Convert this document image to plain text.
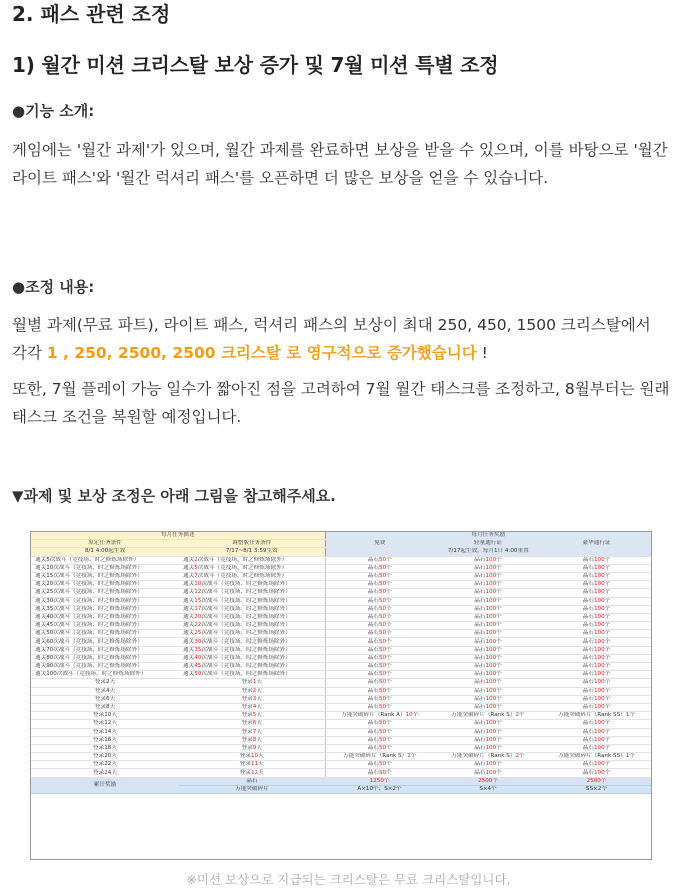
2. 패스 관련 조정
1) 월간 미션 크리스탈 보상 증가 및 7월 미션 특별 조정

●기능 소개:

게임에는 '월간 과제'가 있으며, 월간 과제를 완료하면 보상을 받을 수 있으며, 이를 바탕으로 '월간 라이트 패스'와 '월간 럭셔리 패스'를 오픈하면 더 많은 보상을 얻을 수 있습니다.

●조정 내용:

월별 과제(무료 파트), 라이트 패스, 럭셔리 패스의 보상이 최대 250, 450, 1500 크리스탈에서 각각 1 , 250, 2500, 2500 크리스탈 로 영구적으로 증가했습니다 !

또한, 7월 플레이 가능 일수가 짧아진 점을 고려하여 7월 월간 태스크를 조정하고, 8월부터는 원래 태스크 조건을 복원할 예정입니다.

▼과제 및 보상 조정은 아래 그림을 참고해주세요.

每月任务描述		每月任务奖励		
原定任务条件	调整版任务条件	免费	轻量通行证	豪华通行证
8/1 4:00起生效	7/17~8/1 3:59生效	7/17起生效，每月1日 4:00重置		
通关5次战斗（竞技场、时之修炼场除外）	通关2次战斗（竞技场、时之修炼场除外）	晶石50个	晶石100个	晶石100个
通关10次战斗（竞技场、时之修炼场除外）	通关5次战斗（竞技场、时之修炼场除外）	晶石50个	晶石100个	晶石100个
通关15次战斗（竞技场、时之修炼场除外）	通关7次战斗（竞技场、时之修炼场除外）	晶石50个	晶石100个	晶石100个
通关20次战斗（竞技场、时之修炼场除外）	通关10次战斗（竞技场、时之修炼场除外）	晶石50个	晶石100个	晶石100个
通关25次战斗（竞技场、时之修炼场除外）	通关12次战斗（竞技场、时之修炼场除外）	晶石50个	晶石100个	晶石100个
通关30次战斗（竞技场、时之修炼场除外）	通关15次战斗（竞技场、时之修炼场除外）	晶石50个	晶石100个	晶石100个
通关35次战斗（竞技场、时之修炼场除外）	通关17次战斗（竞技场、时之修炼场除外）	晶石50个	晶石100个	晶石100个
通关40次战斗（竞技场、时之修炼场除外）	通关20次战斗（竞技场、时之修炼场除外）	晶石50个	晶石100个	晶石100个
通关45次战斗（竞技场、时之修炼场除外）	通关22次战斗（竞技场、时之修炼场除外）	晶石50个	晶石100个	晶石100个
通关50次战斗（竞技场、时之修炼场除外）	通关25次战斗（竞技场、时之修炼场除外）	晶石50个	晶石100个	晶石100个
通关60次战斗（竞技场、时之修炼场除外）	通关30次战斗（竞技场、时之修炼场除外）	晶石50个	晶石100个	晶石100个
通关70次战斗（竞技场、时之修炼场除外）	通关35次战斗（竞技场、时之修炼场除外）	晶石50个	晶石100个	晶石100个
通关80次战斗（竞技场、时之修炼场除外）	通关40次战斗（竞技场、时之修炼场除外）	晶石50个	晶石100个	晶石100个
通关90次战斗（竞技场、时之修炼场除外）	通关45次战斗（竞技场、时之修炼场除外）	晶石50个	晶石100个	晶石100个
通关100次战斗（竞技场、时之修炼场除外）	通关50次战斗（竞技场、时之修炼场除外）	晶石50个	晶石100个	晶石100个
登录2天	登录1天	晶石50个	晶石100个	晶石100个
登录4天	登录2天	晶石50个	晶石100个	晶石100个
登录6天	登录3天	晶石50个	晶石100个	晶石100个
登录8天	登录4天	晶石50个	晶石100个	晶石100个
登录10天	登录5天	万能突破碎片（Rank A）10个	万能突破碎片（Rank S）2个	万能突破碎片（Rank SS）1个
登录12天	登录6天	晶石50个	晶石100个	晶石100个
登录14天	登录7天	晶石50个	晶石100个	晶石100个
登录16天	登录8天	晶石50个	晶石100个	晶石100个
登录18天	登录9天	晶石50个	晶石100个	晶石100个
登录20天	登录10天	万能突破碎片（Rank S）2个	万能突破碎片（Rank S）2个	万能突破碎片（Rank SS）1个
登录22天	登录11天	晶石50个	晶石100个	晶石100个
登录24天	登录12天	晶石50个	晶石100个	晶石100个
累计奖励	晶石	1250个	2500个	2500个
	万能突破碎片	A×10个、S×2个	S×4个	SS×2个

※미션 보상으로 지급되는 크리스탈은 무료 크리스탈입니다.
